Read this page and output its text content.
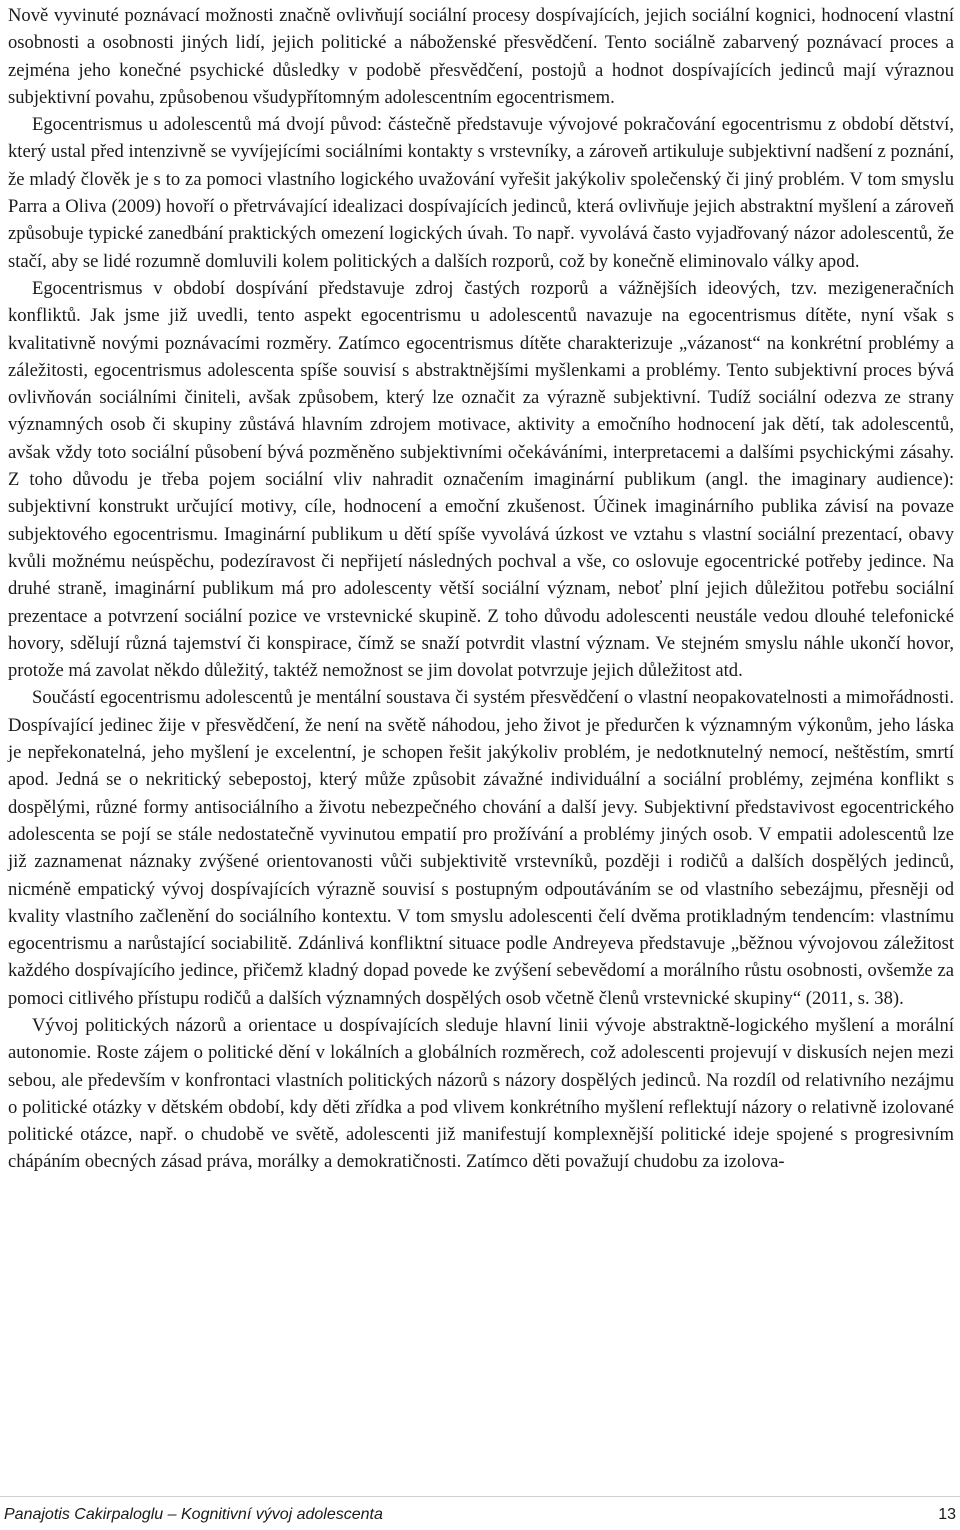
Nově vyvinuté poznávací možnosti značně ovlivňují sociální procesy dospívajících, jejich sociální kognici, hodnocení vlastní osobnosti a osobnosti jiných lidí, jejich politické a náboženské přesvědčení. Tento sociálně zabarvený poznávací proces a zejména jeho konečné psychické důsledky v podobě přesvědčení, postojů a hodnot dospívajících jedinců mají výraznou subjektivní povahu, způsobenou všudypřítomným adolescentním egocentrismem.

Egocentrismus u adolescentů má dvojí původ: částečně představuje vývojové pokračování egocentrismu z období dětství, který ustal před intenzivně se vyvíjejícími sociálními kontakty s vrstevníky, a zároveň artikuluje subjektivní nadšení z poznání, že mladý člověk je s to za pomoci vlastního logického uvažování vyřešit jakýkoliv společenský či jiný problém. V tom smyslu Parra a Oliva (2009) hovoří o přetrvávající idealizaci dospívajících jedinců, která ovlivňuje jejich abstraktní myšlení a zároveň způsobuje typické zanedbání praktických omezení logických úvah. To např. vyvolává často vyjadřovaný názor adolescentů, že stačí, aby se lidé rozumně domluvili kolem politických a dalších rozporů, což by konečně eliminovalo války apod.

Egocentrismus v období dospívání představuje zdroj častých rozporů a vážnějších ideových, tzv. mezigeneračních konfliktů. Jak jsme již uvedli, tento aspekt egocentrismu u adolescentů navazuje na egocentrismus dítěte, nyní však s kvalitativně novými poznávacími rozměry. Zatímco egocentrismus dítěte charakterizuje „vázanost“ na konkrétní problémy a záležitosti, egocentrismus adolescenta spíše souvisí s abstraktnějšími myšlenkami a problémy. Tento subjektivní proces bývá ovlivňován sociálními činiteli, avšak způsobem, který lze označit za výrazně subjektivní. Tudíž sociální odezva ze strany významných osob či skupiny zůstává hlavním zdrojem motivace, aktivity a emočního hodnocení jak dětí, tak adolescentů, avšak vždy toto sociální působení bývá pozměněno subjektivními očekáváními, interpretacemi a dalšími psychickými zásahy. Z toho důvodu je třeba pojem sociální vliv nahradit označením imaginární publikum (angl. the imaginary audience): subjektivní konstrukt určující motivy, cíle, hodnocení a emoční zkušenost. Účinek imaginárního publika závisí na povaze subjektového egocentrismu. Imaginární publikum u dětí spíše vyvolává úzkost ve vztahu s vlastní sociální prezentací, obavy kvůli možnému neúspěchu, podezíravost či nepřijetí následných pochval a vše, co oslovuje egocentrické potřeby jedince. Na druhé straně, imaginární publikum má pro adolescenty větší sociální význam, neboť plní jejich důležitou potřebu sociální prezentace a potvrzení sociální pozice ve vrstevnické skupině. Z toho důvodu adolescenti neustále vedou dlouhé telefonické hovory, sdělují různá tajemství či konspirace, čímž se snaží potvrdit vlastní význam. Ve stejném smyslu náhle ukončí hovor, protože má zavolat někdo důležitý, taktéž nemožnost se jim dovolat potvrzuje jejich důležitost atd.

Součástí egocentrismu adolescentů je mentální soustava či systém přesvědčení o vlastní neopakovatelnosti a mimořádnosti. Dospívající jedinec žije v přesvědčení, že není na světě náhodou, jeho život je předurčen k významným výkonům, jeho láska je nepřekonatelná, jeho myšlení je excelentní, je schopen řešit jakýkoliv problém, je nedotknutelný nemocí, neštěstím, smrtí apod. Jedná se o nekritický sebepostoj, který může způsobit závažné individuální a sociální problémy, zejména konflikt s dospělými, různé formy antisociálního a životu nebezpečného chování a další jevy. Subjektivní představivost egocentrického adolescenta se pojí se stále nedostatečně vyvinutou empatií pro prožívání a problémy jiných osob. V empatii adolescentů lze již zaznamenat náznaky zvýšené orientovanosti vůči subjektivitě vrstevníků, později i rodičů a dalších dospělých jedinců, nicméně empatický vývoj dospívajících výrazně souvisí s postupným odpoutáváním se od vlastního sebezájmu, přesněji od kvality vlastního začlenění do sociálního kontextu. V tom smyslu adolescenti čelí dvěma protikladným tendencím: vlastnímu egocentrismu a narůstající sociabilitě. Zdánlivá konfliktní situace podle Andreyeva představuje „běžnou vývojovou záležitost každého dospívajícího jedince, přičemž kladný dopad povede ke zvýšení sebevědomí a morálního růstu osobnosti, ovšemže za pomoci citlivého přístupu rodičů a dalších významných dospělých osob včetně členů vrstevnické skupiny“ (2011, s. 38).

Vývoj politických názorů a orientace u dospívajících sleduje hlavní linii vývoje abstraktně-logického myšlení a morální autonomie. Roste zájem o politické dění v lokálních a globálních rozměrech, což adolescenti projevují v diskusích nejen mezi sebou, ale především v konfrontaci vlastních politických názorů s názory dospělých jedinců. Na rozdíl od relativního nezájmu o politické otázky v dětském období, kdy děti zřídka a pod vlivem konkrétního myšlení reflektují názory o relativně izolované politické otázce, např. o chudobě ve světě, adolescenti již manifestují komplexnější politické ideje spojené s progresivním chápáním obecných zásad práva, morálky a demokratičnosti. Zatímco děti považují chudobu za izolova-

Panajotis Cakirpaloglu – Kognitivní vývoj adolescenta	13
